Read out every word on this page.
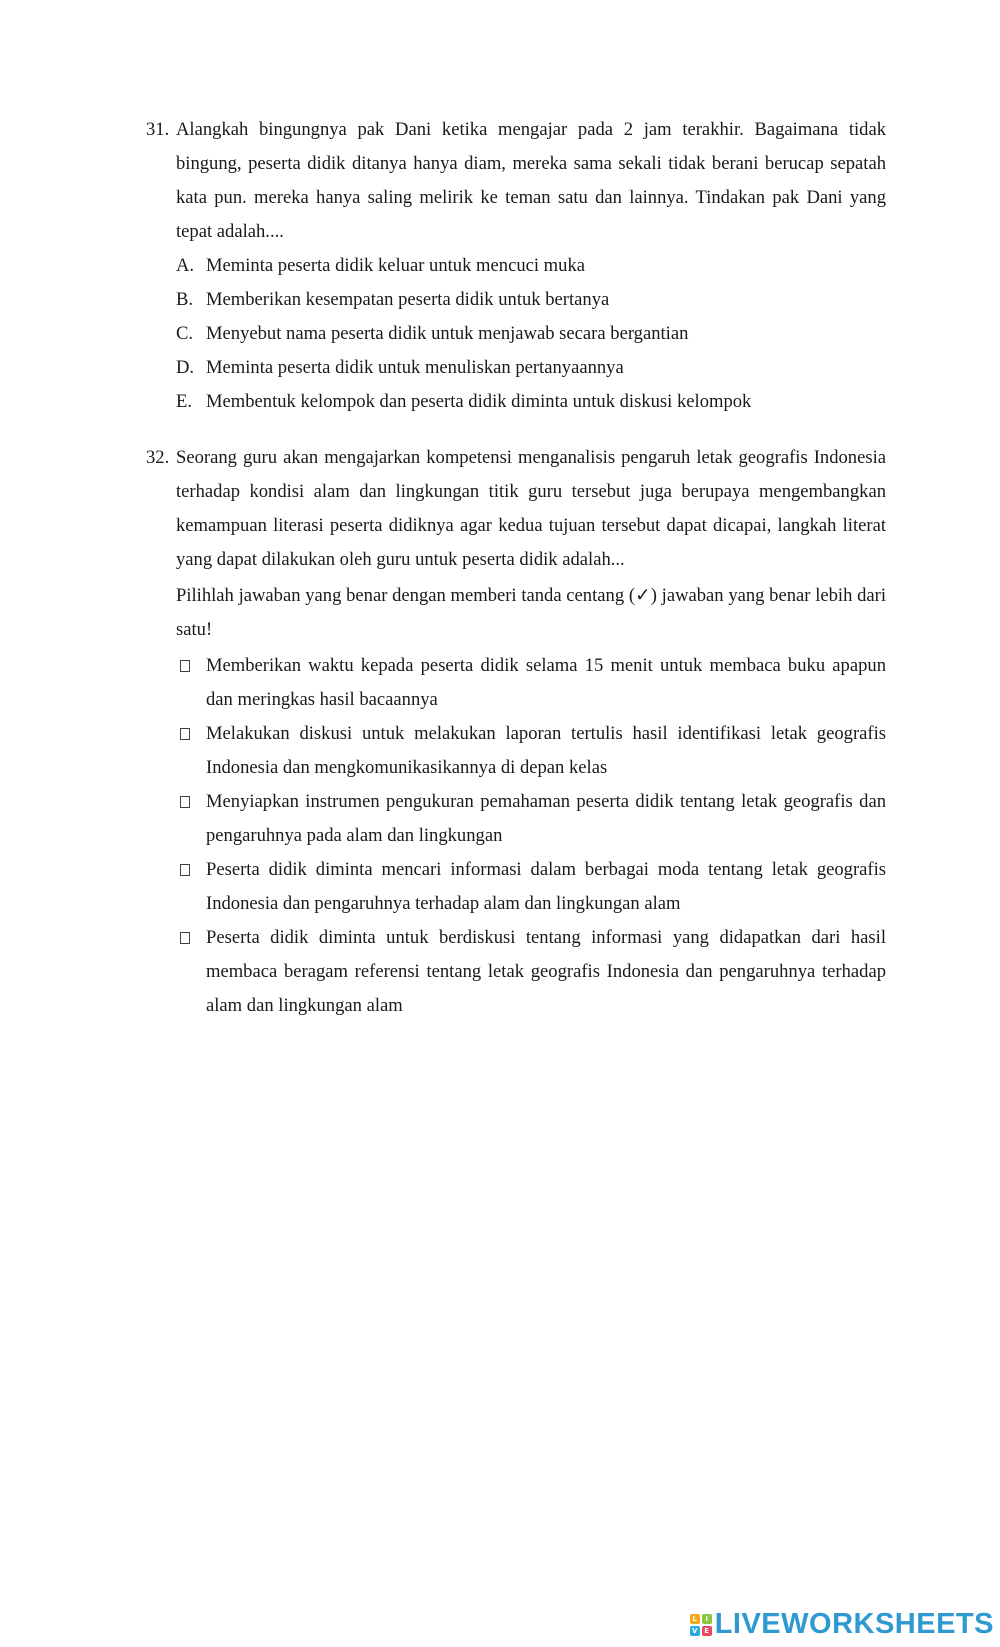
31. Alangkah bingungnya pak Dani ketika mengajar pada 2 jam terakhir. Bagaimana tidak bingung, peserta didik ditanya hanya diam, mereka sama sekali tidak berani berucap sepatah kata pun. mereka hanya saling melirik ke teman satu dan lainnya. Tindakan pak Dani yang tepat adalah....
A. Meminta peserta didik keluar untuk mencuci muka
B. Memberikan kesempatan peserta didik untuk bertanya
C. Menyebut nama peserta didik untuk menjawab secara bergantian
D. Meminta peserta didik untuk menuliskan pertanyaannya
E. Membentuk kelompok dan peserta didik diminta untuk diskusi kelompok
32. Seorang guru akan mengajarkan kompetensi menganalisis pengaruh letak geografis Indonesia terhadap kondisi alam dan lingkungan titik guru tersebut juga berupaya mengembangkan kemampuan literasi peserta didiknya agar kedua tujuan tersebut dapat dicapai, langkah literat yang dapat dilakukan oleh guru untuk peserta didik adalah...
Pilihlah jawaban yang benar dengan memberi tanda centang (✓) jawaban yang benar lebih dari satu!
Memberikan waktu kepada peserta didik selama 15 menit untuk membaca buku apapun dan meringkas hasil bacaannya
Melakukan diskusi untuk melakukan laporan tertulis hasil identifikasi letak geografis Indonesia dan mengkomunikasikannya di depan kelas
Menyiapkan instrumen pengukuran pemahaman peserta didik tentang letak geografis dan pengaruhnya pada alam dan lingkungan
Peserta didik diminta mencari informasi dalam berbagai moda tentang letak geografis Indonesia dan pengaruhnya terhadap alam dan lingkungan alam
Peserta didik diminta untuk berdiskusi tentang informasi yang didapatkan dari hasil membaca beragam referensi tentang letak geografis Indonesia dan pengaruhnya terhadap alam dan lingkungan alam
L	I
V E LIVEWORKSHEETS
